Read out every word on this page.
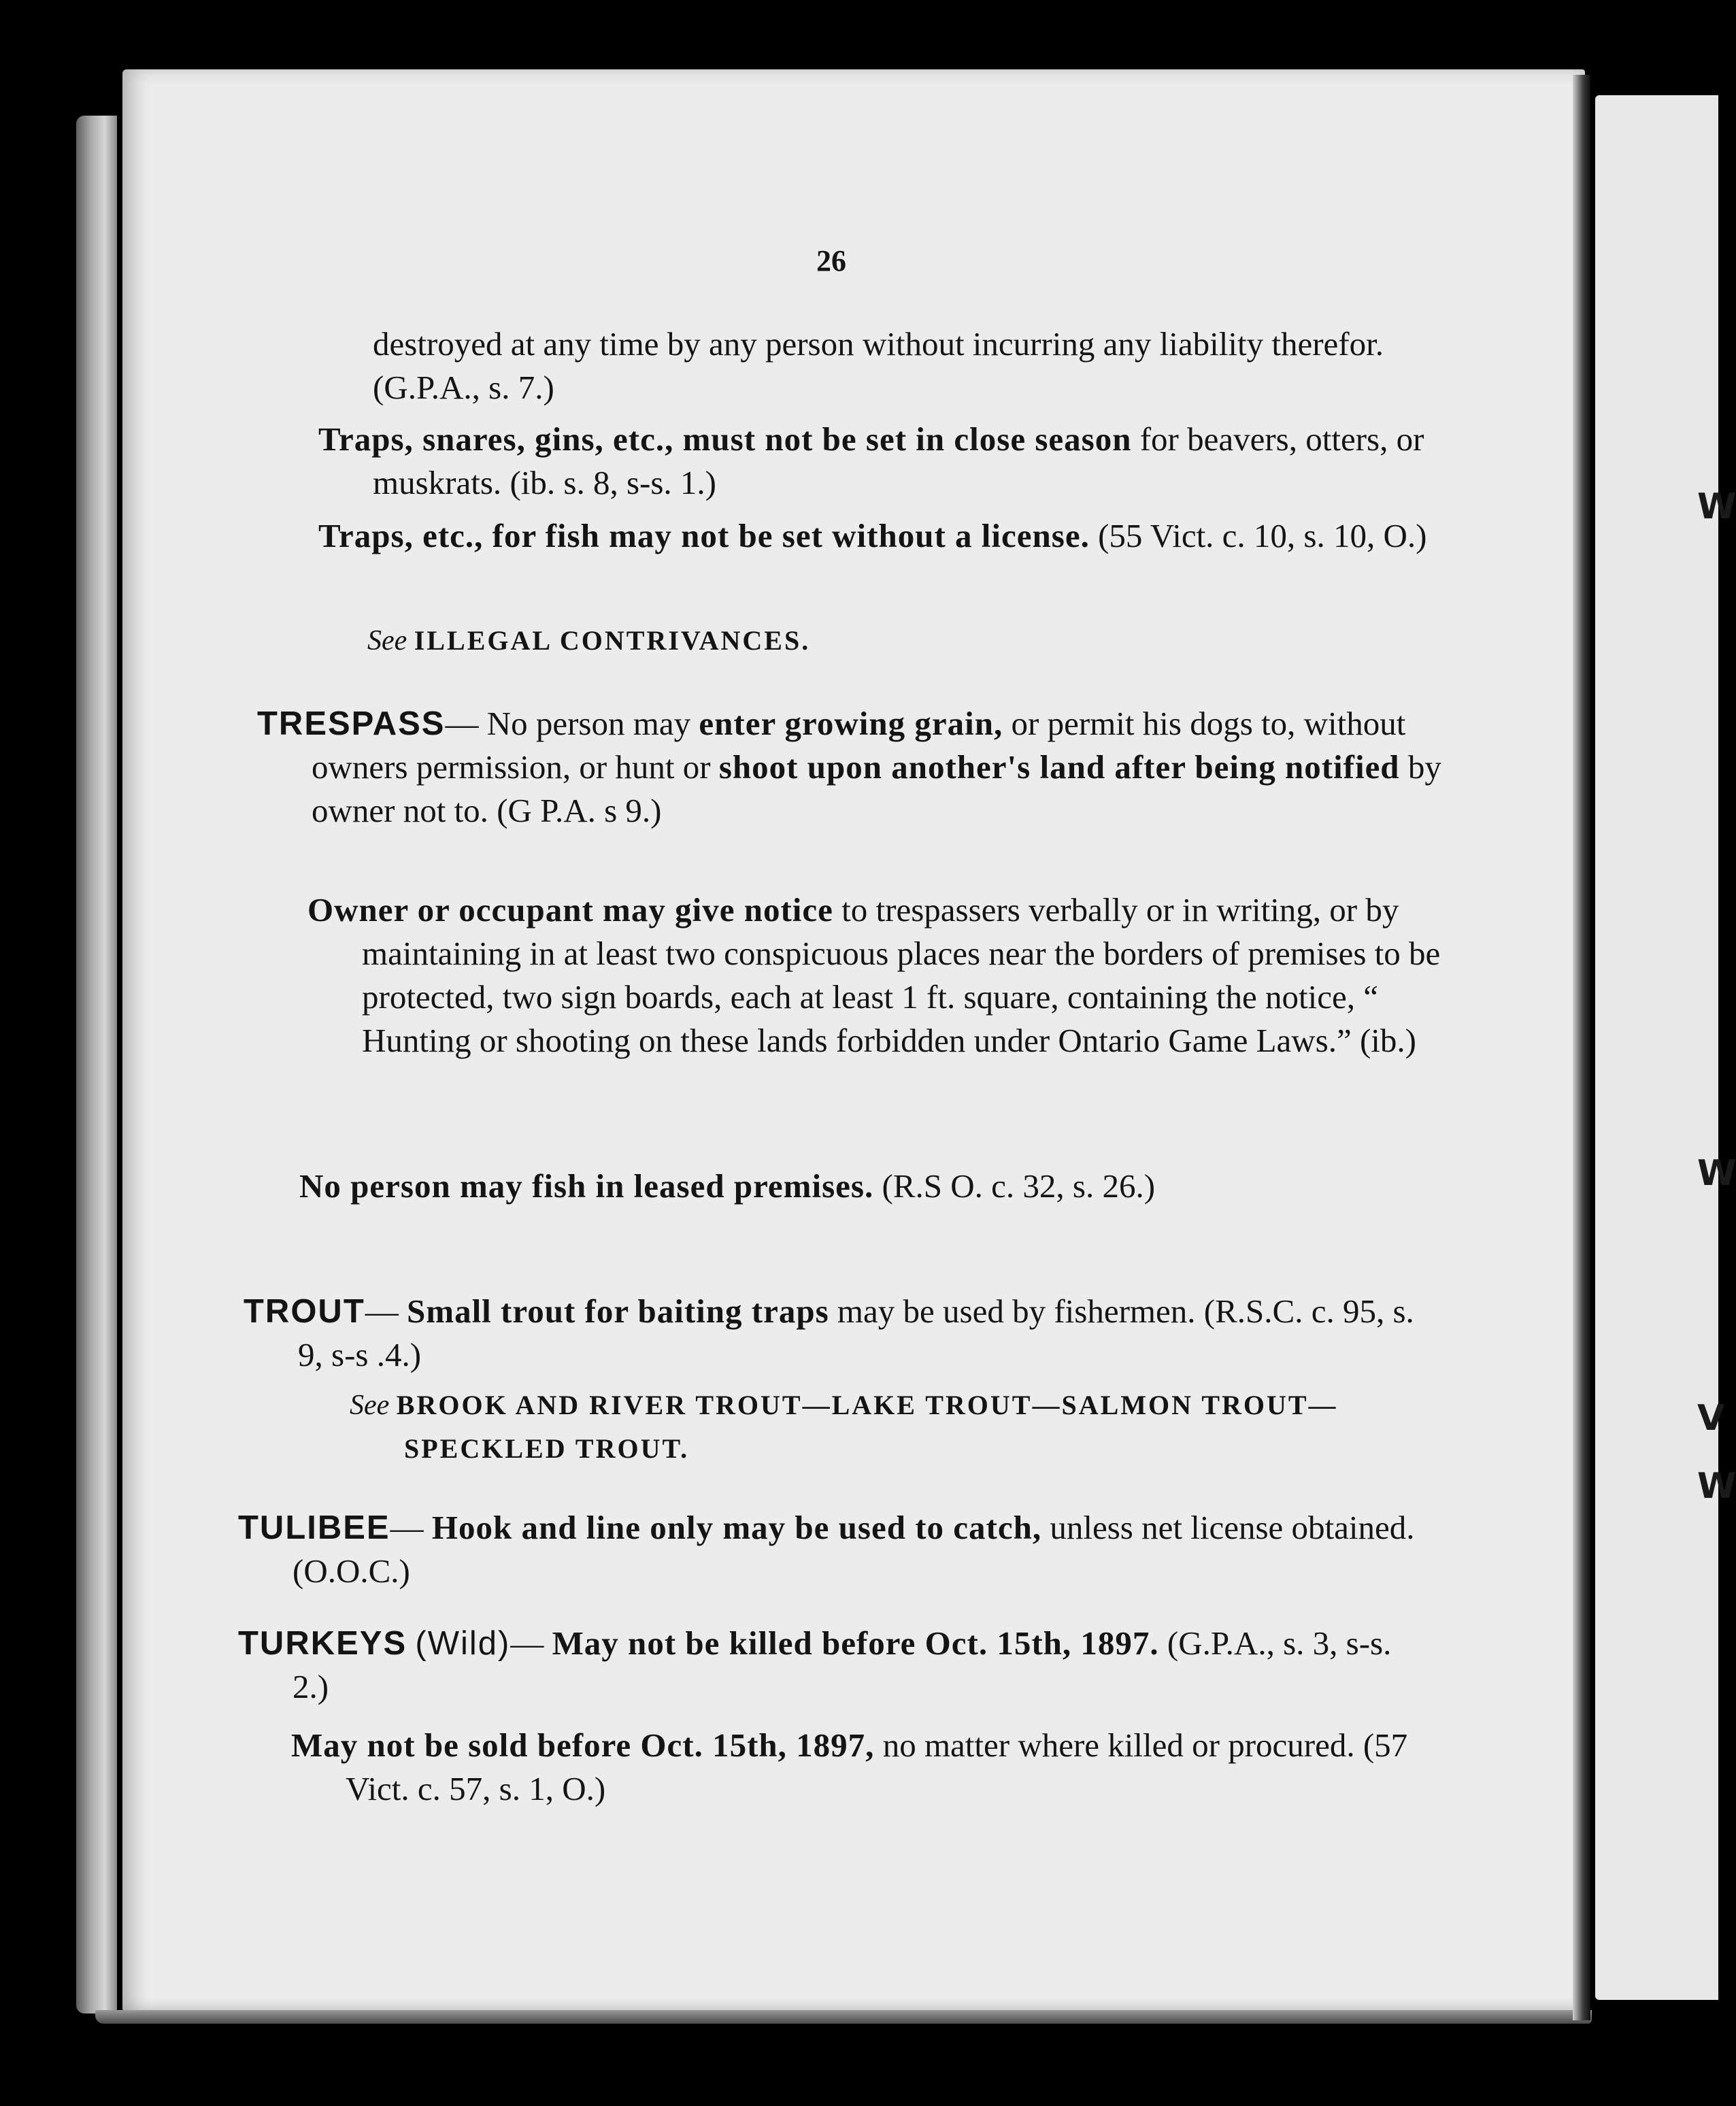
W
W
V
W

26

destroyed at any time by any person without incurring any liability therefor. (G.P.A., s. 7.)
Traps, snares, gins, etc., must not be set in close season for beavers, otters, or muskrats. (ib. s. 8, s-s. 1.)
Traps, etc., for fish may not be set without a license. (55 Vict. c. 10, s. 10, O.)
See ILLEGAL CONTRIVANCES.
TRESPASS— No person may enter growing grain, or permit his dogs to, without owners permission, or hunt or shoot upon another's land after being notified by owner not to. (G P.A. s 9.)
Owner or occupant may give notice to trespassers verbally or in writing, or by maintaining in at least two conspicuous places near the borders of premises to be protected, two sign boards, each at least 1 ft. square, containing the notice, “ Hunting or shooting on these lands forbidden under Ontario Game Laws.” (ib.)
No person may fish in leased premises. (R.S O. c. 32, s. 26.)
TROUT— Small trout for baiting traps may be used by fishermen. (R.S.C. c. 95, s. 9, s-s .4.)
See BROOK AND RIVER TROUT—LAKE TROUT—SALMON TROUT—SPECKLED TROUT.
TULIBEE— Hook and line only may be used to catch, unless net license obtained. (O.O.C.)
TURKEYS (Wild)— May not be killed before Oct. 15th, 1897. (G.P.A., s. 3, s-s. 2.)
May not be sold before Oct. 15th, 1897, no matter where killed or procured. (57 Vict. c. 57, s. 1, O.)
